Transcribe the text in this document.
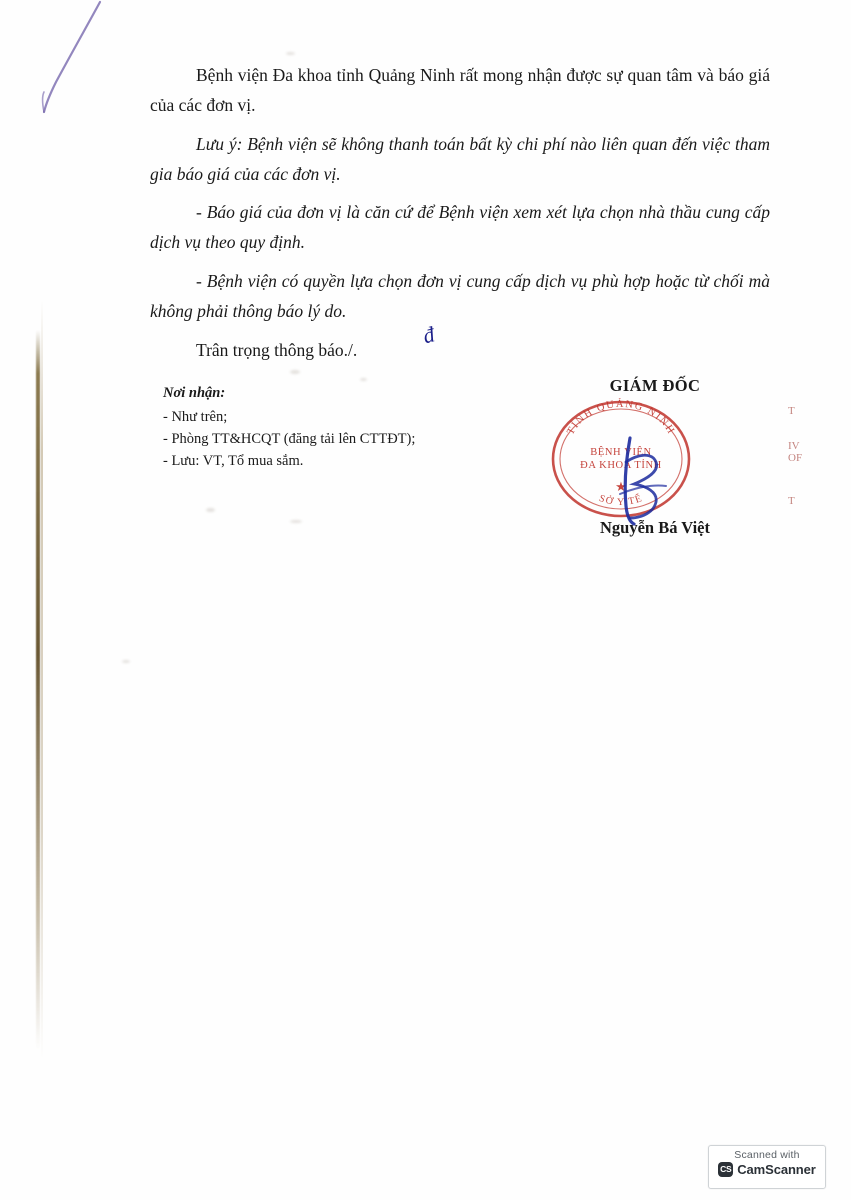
Bệnh viện Đa khoa tỉnh Quảng Ninh rất mong nhận được sự quan tâm và báo giá của các đơn vị.

Lưu ý: Bệnh viện sẽ không thanh toán bất kỳ chi phí nào liên quan đến việc tham gia báo giá của các đơn vị.

- Báo giá của đơn vị là căn cứ để Bệnh viện xem xét lựa chọn nhà thầu cung cấp dịch vụ theo quy định.

- Bệnh viện có quyền lựa chọn đơn vị cung cấp dịch vụ phù hợp hoặc từ chối mà không phải thông báo lý do.

Trân trọng thông báo./.
đ
Nơi nhận:
- Như trên;
- Phòng TT&HCQT (đăng tải lên CTTĐT);
- Lưu: VT, Tổ mua sắm.
GIÁM ĐỐC
Nguyễn Bá Việt
TỈNH QUẢNG NINH
SỞ Y TẾ
BỆNH VIỆN
ĐA KHOA TỈNH
★
T
IV
OF
T
Scanned with
CS CamScanner
